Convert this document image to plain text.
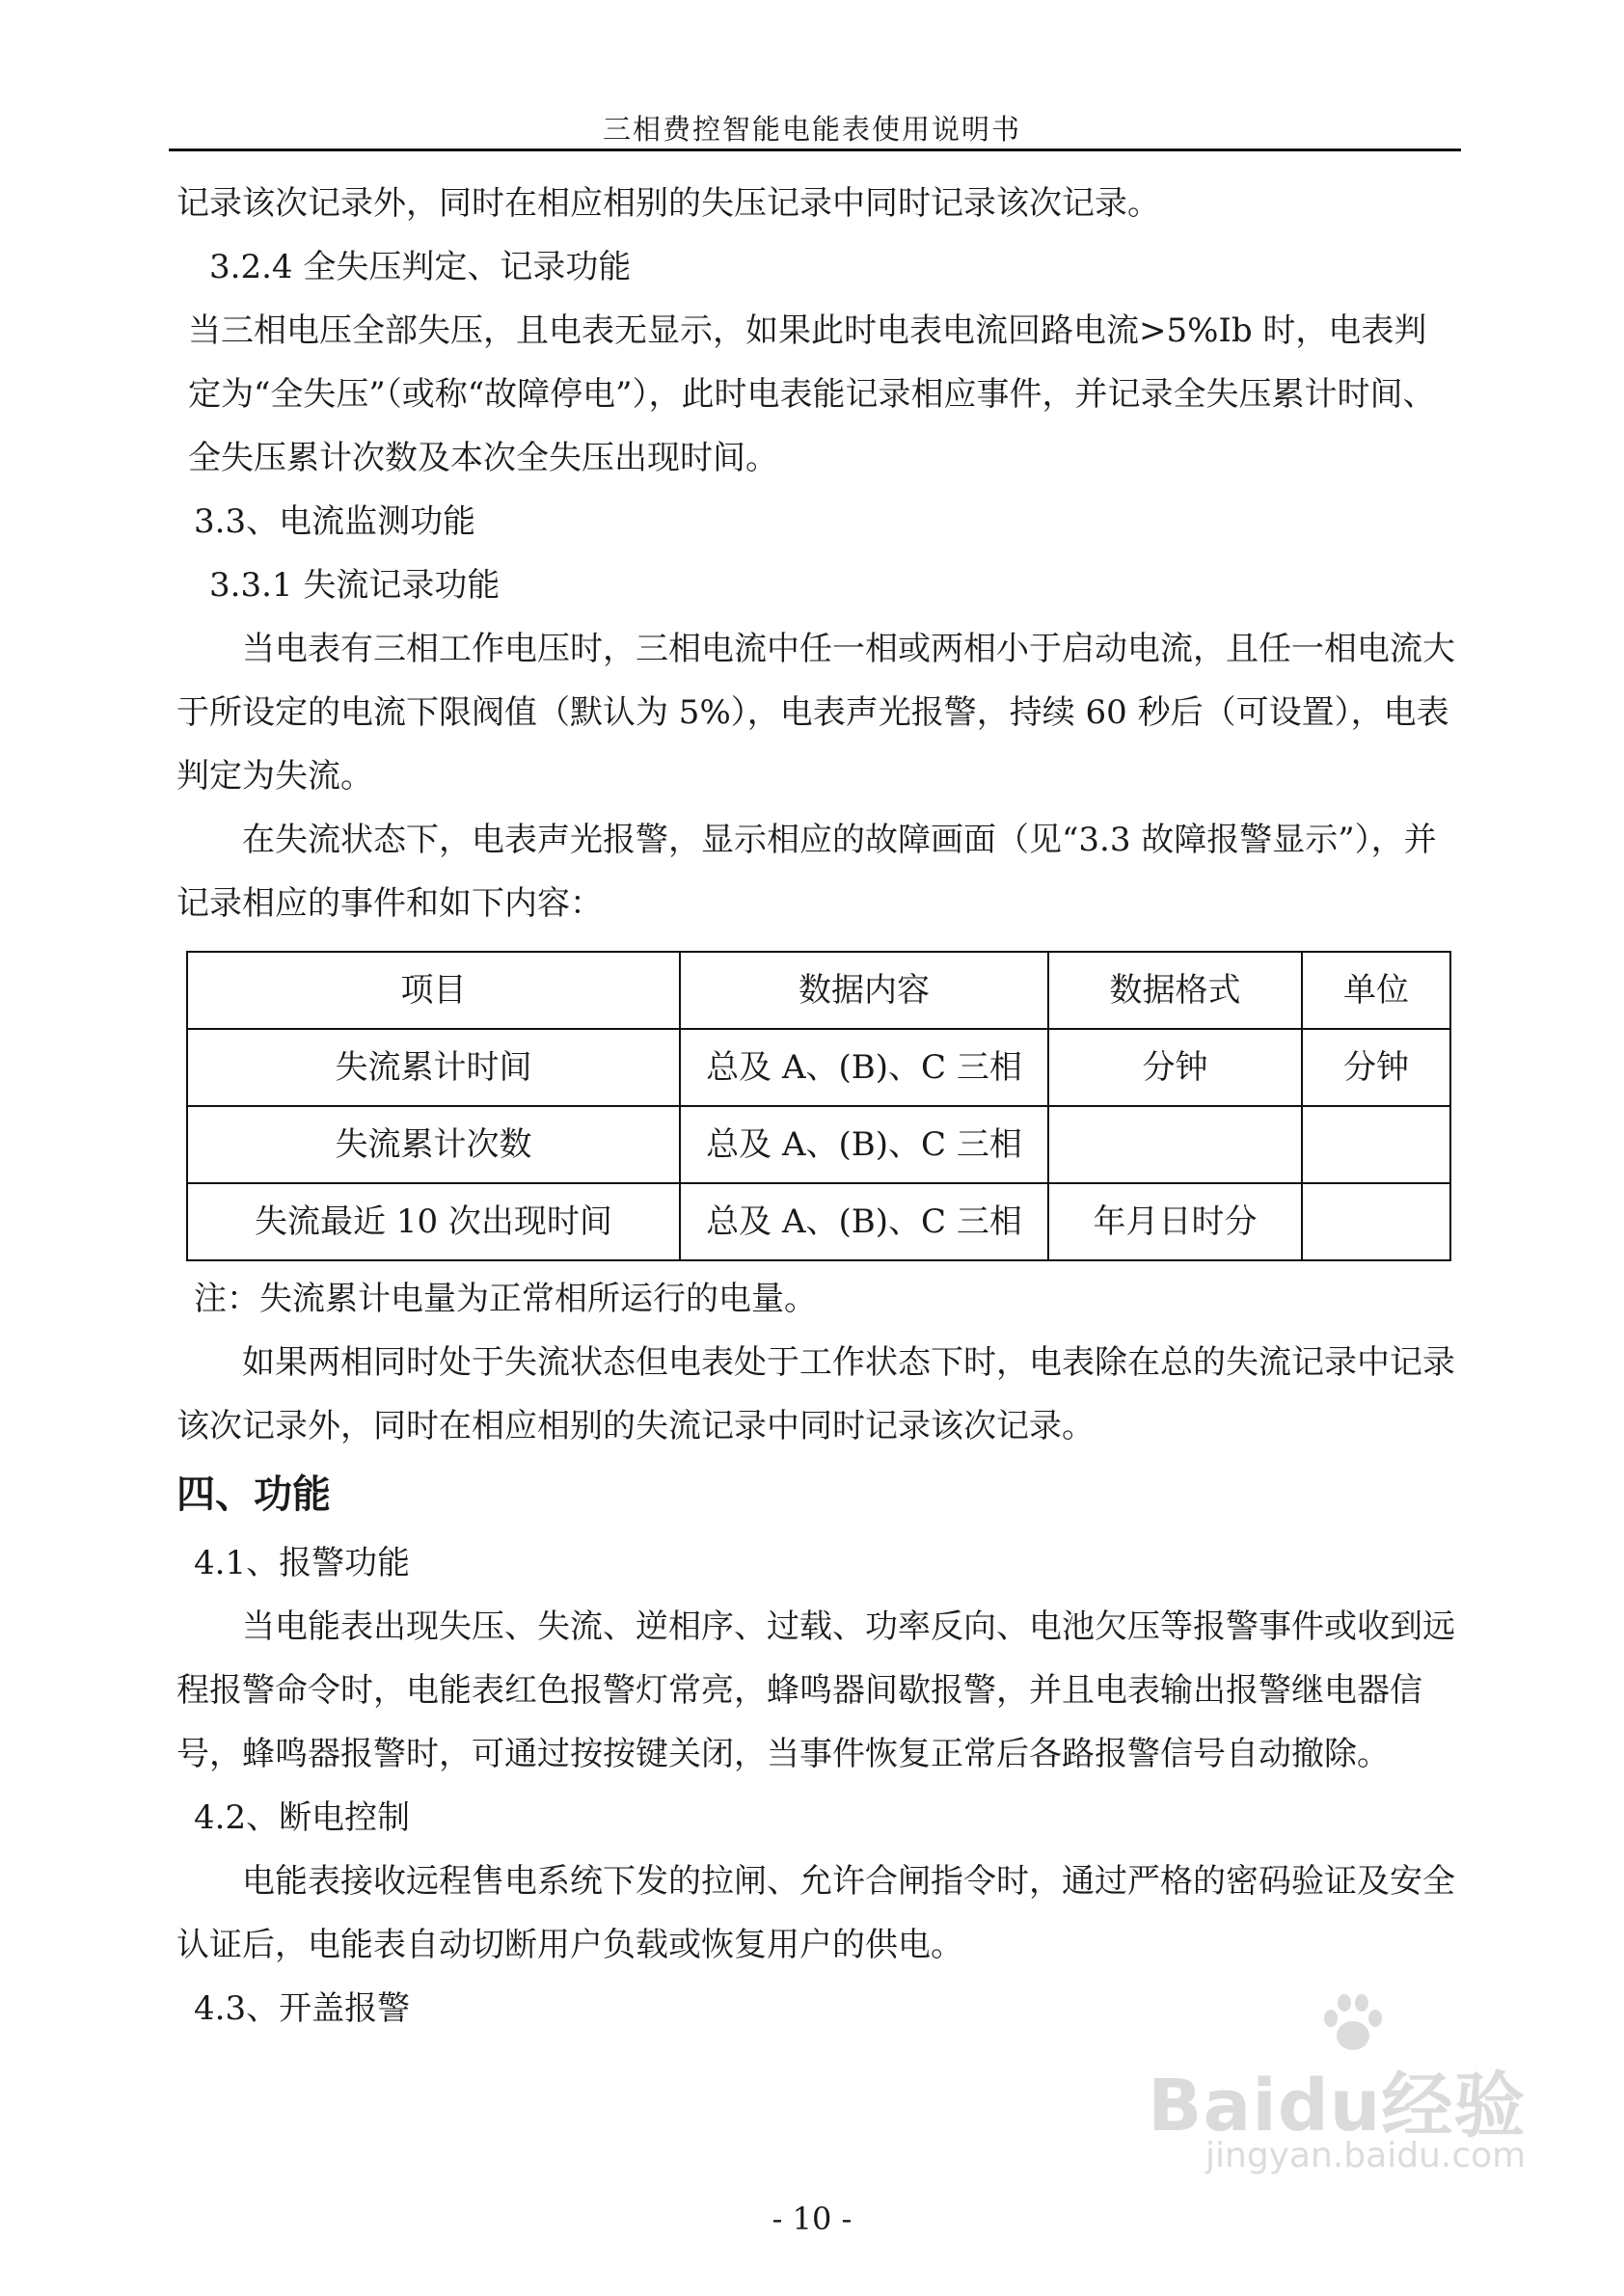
三相费控智能电能表使用说明书

记录该次记录外，同时在相应相别的失压记录中同时记录该次记录。

3.2.4 全失压判定、记录功能

当三相电压全部失压，且电表无显示，如果此时电表电流回路电流>5%Ib 时，电表判定为“全失压”（或称“故障停电”），此时电表能记录相应事件，并记录全失压累计时间、全失压累计次数及本次全失压出现时间。

3.3、电流监测功能

3.3.1 失流记录功能

当电表有三相工作电压时，三相电流中任一相或两相小于启动电流，且任一相电流大于所设定的电流下限阀值（默认为 5%），电表声光报警，持续 60 秒后（可设置），电表判定为失流。

在失流状态下，电表声光报警，显示相应的故障画面（见“3.3 故障报警显示”），并记录相应的事件和如下内容：

项目	数据内容	数据格式	单位
失流累计时间	总及 A、(B)、C 三相	分钟	分钟
失流累计次数	总及 A、(B)、C 三相		
失流最近 10 次出现时间	总及 A、(B)、C 三相	年月日时分	

注：失流累计电量为正常相所运行的电量。

如果两相同时处于失流状态但电表处于工作状态下时，电表除在总的失流记录中记录该次记录外，同时在相应相别的失流记录中同时记录该次记录。

四、功能

4.1、报警功能

当电能表出现失压、失流、逆相序、过载、功率反向、电池欠压等报警事件或收到远程报警命令时，电能表红色报警灯常亮，蜂鸣器间歇报警，并且电表输出报警继电器信号，蜂鸣器报警时，可通过按按键关闭，当事件恢复正常后各路报警信号自动撤除。

4.2、断电控制

电能表接收远程售电系统下发的拉闸、允许合闸指令时，通过严格的密码验证及安全认证后，电能表自动切断用户负载或恢复用户的供电。

4.3、开盖报警

Baidu经验
jingyan.baidu.com
- 10 -
